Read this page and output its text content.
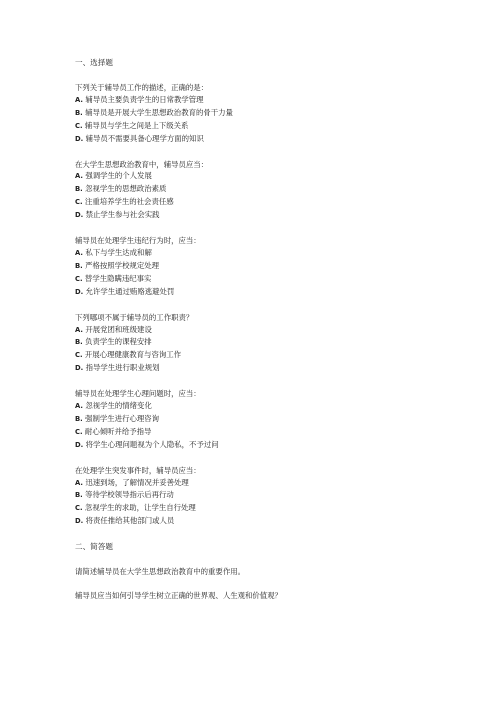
一、选择题

下列关于辅导员工作的描述，正确的是：

A. 辅导员主要负责学生的日常教学管理

B. 辅导员是开展大学生思想政治教育的骨干力量

C. 辅导员与学生之间是上下级关系

D. 辅导员不需要具备心理学方面的知识

在大学生思想政治教育中，辅导员应当：

A. 强调学生的个人发展

B. 忽视学生的思想政治素质

C. 注重培养学生的社会责任感

D. 禁止学生参与社会实践

辅导员在处理学生违纪行为时，应当：

A. 私下与学生达成和解

B. 严格按照学校规定处理

C. 替学生隐瞒违纪事实

D. 允许学生通过贿赂逃避处罚

下列哪项不属于辅导员的工作职责？

A. 开展党团和班级建设

B. 负责学生的课程安排

C. 开展心理健康教育与咨询工作

D. 指导学生进行职业规划

辅导员在处理学生心理问题时，应当：

A. 忽视学生的情绪变化

B. 强制学生进行心理咨询

C. 耐心倾听并给予指导

D. 将学生心理问题视为个人隐私，不予过问

在处理学生突发事件时，辅导员应当：

A. 迅速到场，了解情况并妥善处理

B. 等待学校领导指示后再行动

C. 忽视学生的求助，让学生自行处理

D. 将责任推给其他部门或人员

二、简答题

请简述辅导员在大学生思想政治教育中的重要作用。

辅导员应当如何引导学生树立正确的世界观、人生观和价值观？
